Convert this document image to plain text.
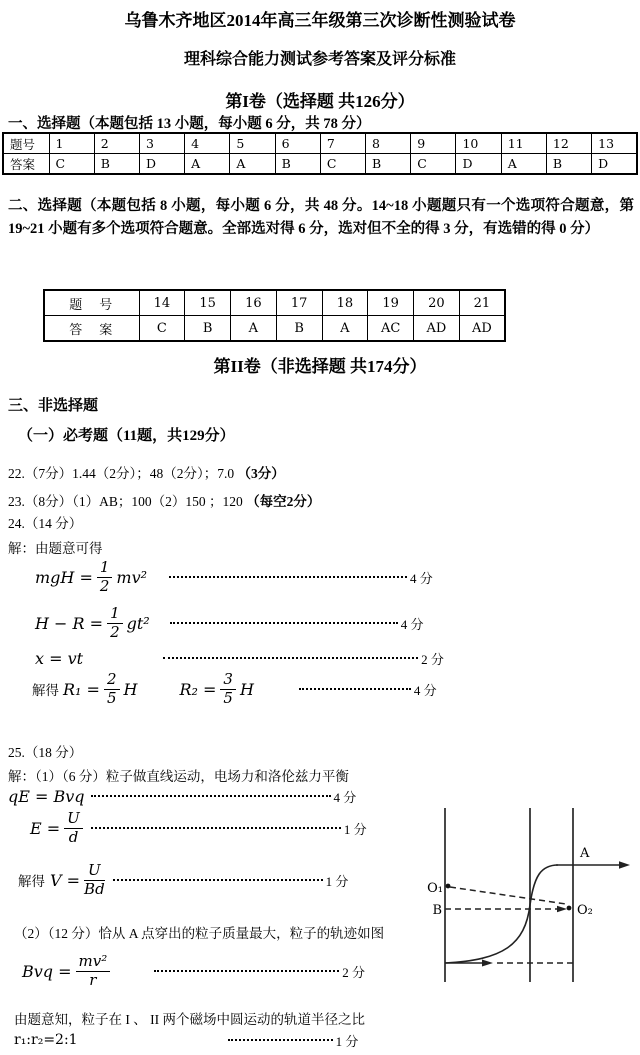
乌鲁木齐地区2014年高三年级第三次诊断性测验试卷
理科综合能力测试参考答案及评分标准
第I卷（选择题 共126分）
一、选择题（本题包括 13 小题，每小题 6 分，共 78 分）
题号	1	2	3	4	5	6	7	8	9	10	11	12	13
答案	C	B	D	A	A	B	C	B	C	D	A	B	D
二、选择题（本题包括 8 小题，每小题 6 分，共 48 分。14~18 小题题只有一个选项符合题意，第 19~21 小题有多个选项符合题意。全部选对得 6 分，选对但不全的得 3 分，有选错的得 0 分）
题　号	14	15	16	17	18	19	20	21
答　案	C	B	A	B	A	AC	AD	AD
第II卷（非选择题 共174分）
三、非选择题
（一）必考题（11题，共129分）
22.（7分）1.44（2分）；48（2分）；7.0 （3分）
23.（8分）（1）AB；100（2）150 ；120 （每空2分）
24.（14 分）
解：由题意可得
mgH = $\frac{1}{2} mv^2$	4 分
$H - R = \frac{1}{2} gt^2$	4 分
x = vt	2 分
解得 $R_1 = \frac{2}{5}$ H	$R_2 = \frac{3}{5}$ H	4 分
25.（18 分）
解：（1）（6 分）粒子做直线运动，电场力和洛伦兹力平衡
qE = Bvq	4 分
$E = \frac{U}{d}$	1 分
解得 $V = \frac{U}{Bd}$	1 分
（2）（12 分）恰从 A 点穿出的粒子质量最大，粒子的轨迹如图
Bvq = $\frac{\text{mv²}}{r}$	2 分
由题意知，粒子在 I 、 II 两个磁场中圆运动的轨道半径之比
r₁:r₂=2:1	1 分
A
O₁
B	O₂
